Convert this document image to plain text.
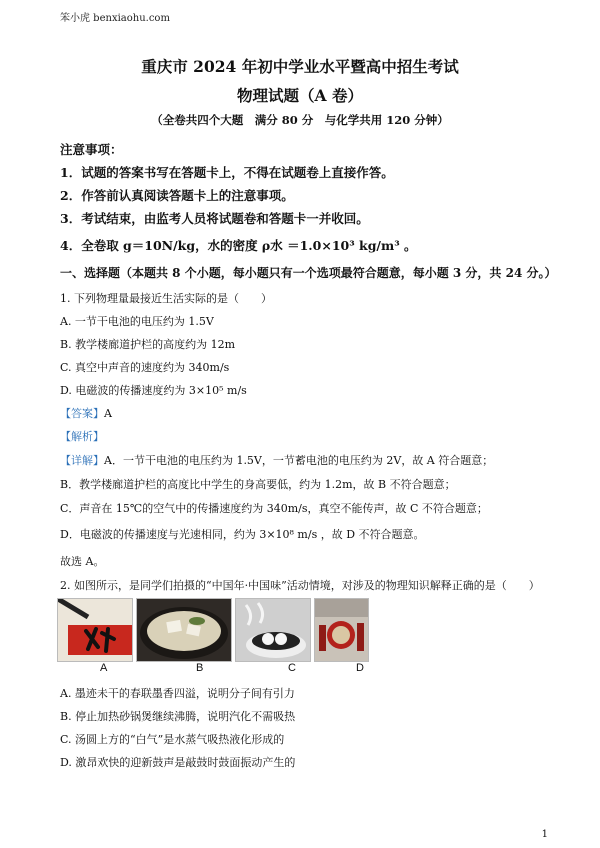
笨小虎 benxiaohu.com
重庆市 2024 年初中学业水平暨高中招生考试
物理试题（A 卷）
（全卷共四个大题　满分 80 分　与化学共用 120 分钟）
注意事项：
1．试题的答案书写在答题卡上，不得在试题卷上直接作答。
2．作答前认真阅读答题卡上的注意事项。
3．考试结束，由监考人员将试题卷和答题卡一并收回。
4．全卷取 g＝10N/kg，水的密度 ρ水 ＝1.0×10³ kg/m³ 。
一、选择题（本题共 8 个小题，每小题只有一个选项最符合题意，每小题 3 分，共 24 分。）
1. 下列物理量最接近生活实际的是（　　）
A. 一节干电池的电压约为 1.5V
B. 教学楼廊道护栏的高度约为 12m
C. 真空中声音的速度约为 340m/s
D. 电磁波的传播速度约为 3×10⁵ m/s
【答案】A
【解析】
【详解】A．一节干电池的电压约为 1.5V，一节蓄电池的电压约为 2V，故 A 符合题意；
B．教学楼廊道护栏的高度比中学生的身高要低，约为 1.2m，故 B 不符合题意；
C．声音在 15℃的空气中的传播速度约为 340m/s，真空不能传声，故 C 不符合题意；
D．电磁波的传播速度与光速相同，约为 3×10⁸ m/s ，故 D 不符合题意。
故选 A。
2. 如图所示，是同学们拍摄的“中国年·中国味”活动情境，对涉及的物理知识解释正确的是（　　）
A	B	C	D
A. 墨迹未干的春联墨香四溢，说明分子间有引力
B. 停止加热砂锅煲继续沸腾，说明汽化不需吸热
C. 汤圆上方的“白气”是水蒸气吸热液化形成的
D. 激昂欢快的迎新鼓声是敲鼓时鼓面振动产生的
1
